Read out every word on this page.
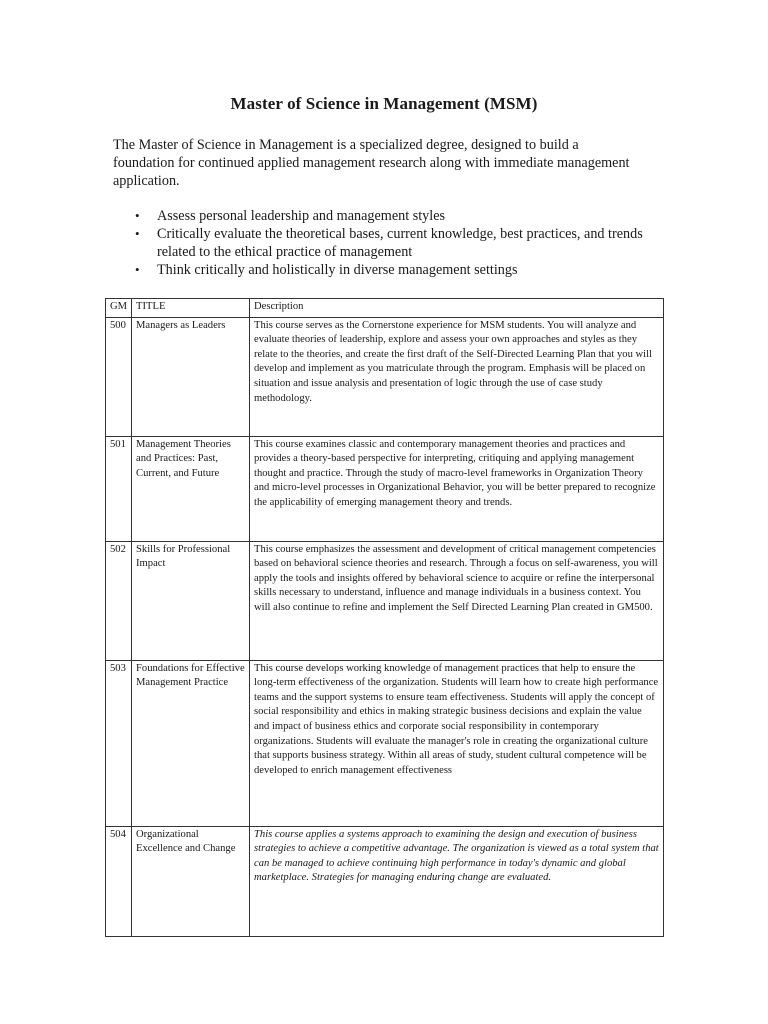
Master of Science in Management (MSM)

The Master of Science in Management is a specialized degree, designed to build a foundation for continued applied management research along with immediate management application.

• Assess personal leadership and management styles
• Critically evaluate the theoretical bases, current knowledge, best practices, and trends related to the ethical practice of management
• Think critically and holistically in diverse management settings
GM	TITLE	Description
500	Managers as Leaders	This course serves as the Cornerstone experience for MSM students. You will analyze and evaluate theories of leadership, explore and assess your own approaches and styles as they relate to the theories, and create the first draft of the Self-Directed Learning Plan that you will develop and implement as you matriculate through the program. Emphasis will be placed on situation and issue analysis and presentation of logic through the use of case study methodology.
501	Management Theories and Practices: Past, Current, and Future	This course examines classic and contemporary management theories and practices and provides a theory-based perspective for interpreting, critiquing and applying management thought and practice. Through the study of macro-level frameworks in Organization Theory and micro-level processes in Organizational Behavior, you will be better prepared to recognize the applicability of emerging management theory and trends.
502	Skills for Professional Impact	This course emphasizes the assessment and development of critical management competencies based on behavioral science theories and research. Through a focus on self-awareness, you will apply the tools and insights offered by behavioral science to acquire or refine the interpersonal skills necessary to understand, influence and manage individuals in a business context. You will also continue to refine and implement the Self Directed Learning Plan created in GM500.
503	Foundations for Effective Management Practice	This course develops working knowledge of management practices that help to ensure the long-term effectiveness of the organization. Students will learn how to create high performance teams and the support systems to ensure team effectiveness. Students will apply the concept of social responsibility and ethics in making strategic business decisions and explain the value and impact of business ethics and corporate social responsibility in contemporary organizations. Students will evaluate the manager's role in creating the organizational culture that supports business strategy. Within all areas of study, student cultural competence will be developed to enrich management effectiveness
504	Organizational Excellence and Change	This course applies a systems approach to examining the design and execution of business strategies to achieve a competitive advantage. The organization is viewed as a total system that can be managed to achieve continuing high performance in today's dynamic and global marketplace. Strategies for managing enduring change are evaluated.
